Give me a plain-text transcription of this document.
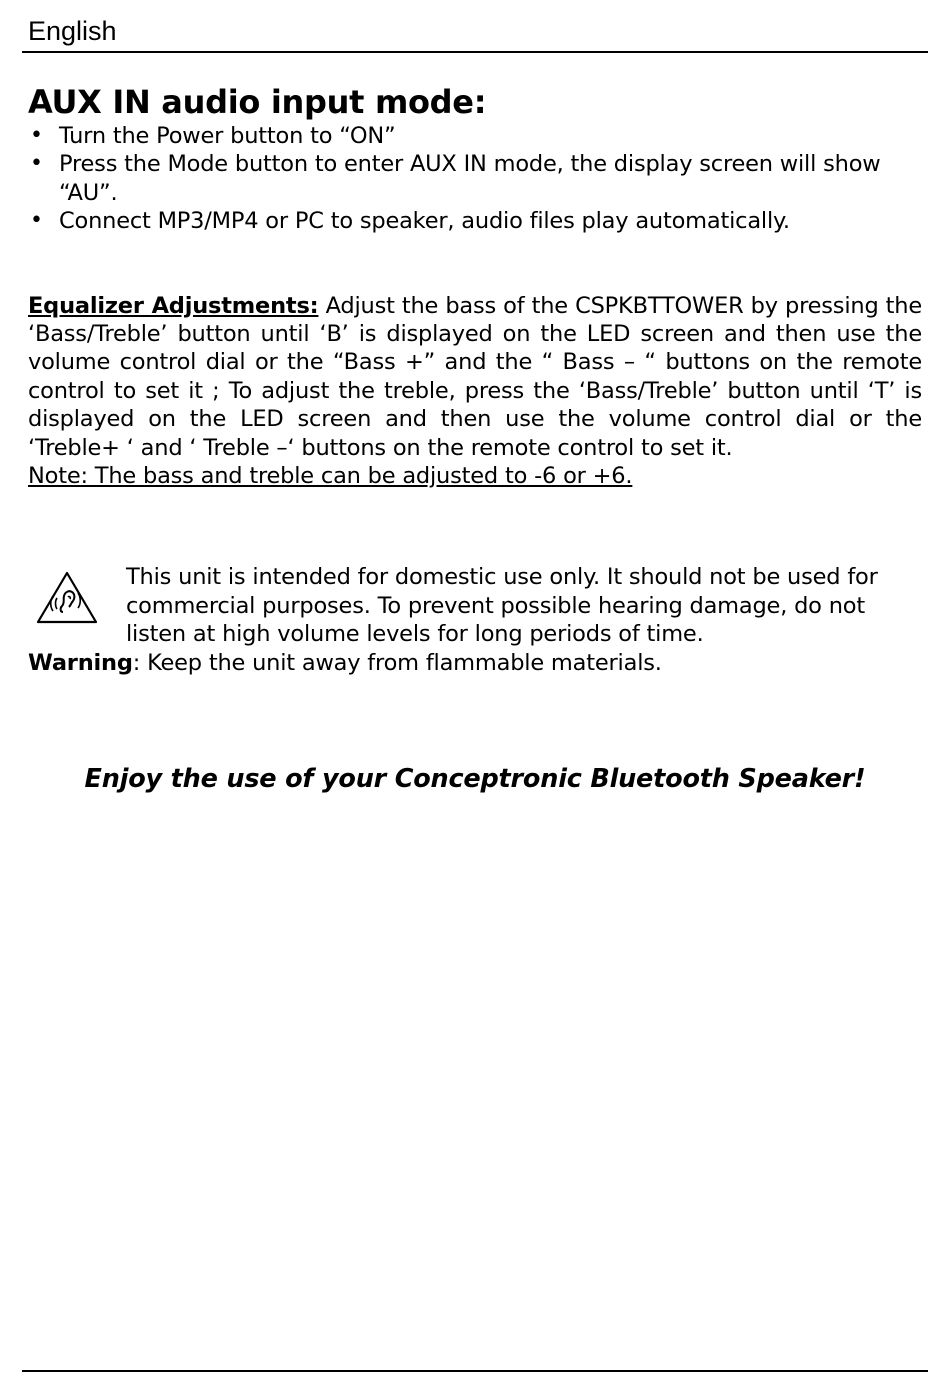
English
AUX IN audio input mode:
• Turn the Power button to “ON”
• Press the Mode button to enter AUX IN mode, the display screen will show “AU”.
• Connect MP3/MP4 or PC to speaker, audio files play automatically.
Equalizer Adjustments: Adjust the bass of the CSPKBTTOWER by pressing the ‘Bass/Treble’ button until ‘B’ is displayed on the LED screen and then use the volume control dial or the “Bass +” and the “ Bass – “ buttons on the remote control to set it ; To adjust the treble, press the ‘Bass/Treble’ button until ‘T’ is displayed on the LED screen and then use the volume control dial or the ‘Treble+ ‘ and ‘ Treble –‘ buttons on the remote control to set it.
Note: The bass and treble can be adjusted to -6 or +6.
This unit is intended for domestic use only. It should not be used for commercial purposes. To prevent possible hearing damage, do not listen at high volume levels for long periods of time.
Warning: Keep the unit away from flammable materials.
Enjoy the use of your Conceptronic Bluetooth Speaker!
